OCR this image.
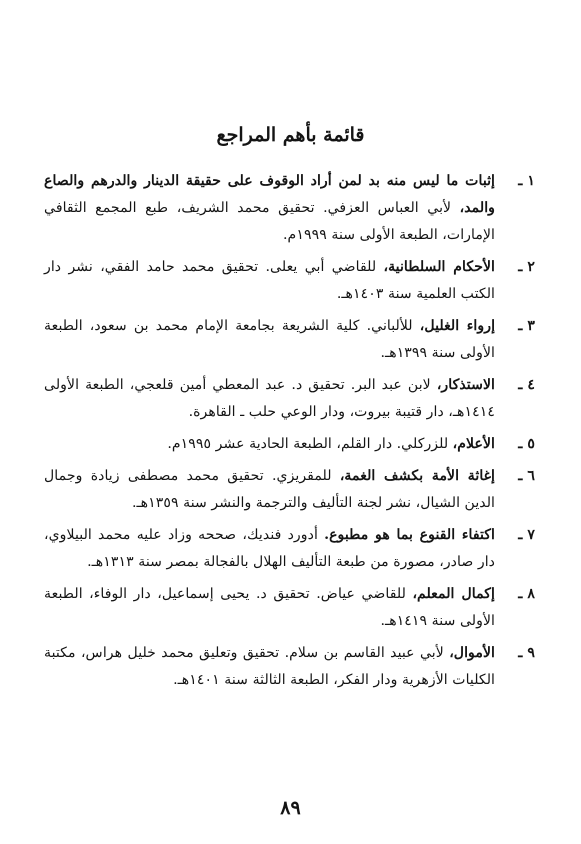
قائمة بأهم المراجع
١ ـ
إثبات ما ليس منه بد لمن أراد الوقوف على حقيقة الدينار والدرهم والصاع والمد، لأبي العباس العزفي. تحقيق محمد الشريف، طبع المجمع الثقافي الإمارات، الطبعة الأولى سنة ١٩٩٩م.
٢ ـ
الأحكام السلطانية، للقاضي أبي يعلى. تحقيق محمد حامد الفقي، نشر دار الكتب العلمية سنة ١٤٠٣هـ.
٣ ـ
إرواء الغليل، للألباني. كلية الشريعة بجامعة الإمام محمد بن سعود، الطبعة الأولى سنة ١٣٩٩هـ.
٤ ـ
الاستذكار، لابن عبد البر. تحقيق د. عبد المعطي أمين قلعجي، الطبعة الأولى ١٤١٤هـ، دار قتيبة بيروت، ودار الوعي حلب ـ القاهرة.
٥ ـ
الأعلام، للزركلي. دار القلم، الطبعة الحادية عشر ١٩٩٥م.
٦ ـ
إغاثة الأمة بكشف الغمة، للمقريزي. تحقيق محمد مصطفى زيادة وجمال الدين الشيال، نشر لجنة التأليف والترجمة والنشر سنة ١٣٥٩هـ.
٧ ـ
اكتفاء القنوع بما هو مطبوع. أدورد فنديك، صححه وزاد عليه محمد البيلاوي، دار صادر، مصورة من طبعة التأليف الهلال بالفجالة بمصر سنة ١٣١٣هـ.
٨ ـ
إكمال المعلم، للقاضي عياض. تحقيق د. يحيى إسماعيل، دار الوفاء، الطبعة الأولى سنة ١٤١٩هـ.
٩ ـ
الأموال، لأبي عبيد القاسم بن سلام. تحقيق وتعليق محمد خليل هراس، مكتبة الكليات الأزهرية ودار الفكر، الطبعة الثالثة سنة ١٤٠١هـ.
٨٩
